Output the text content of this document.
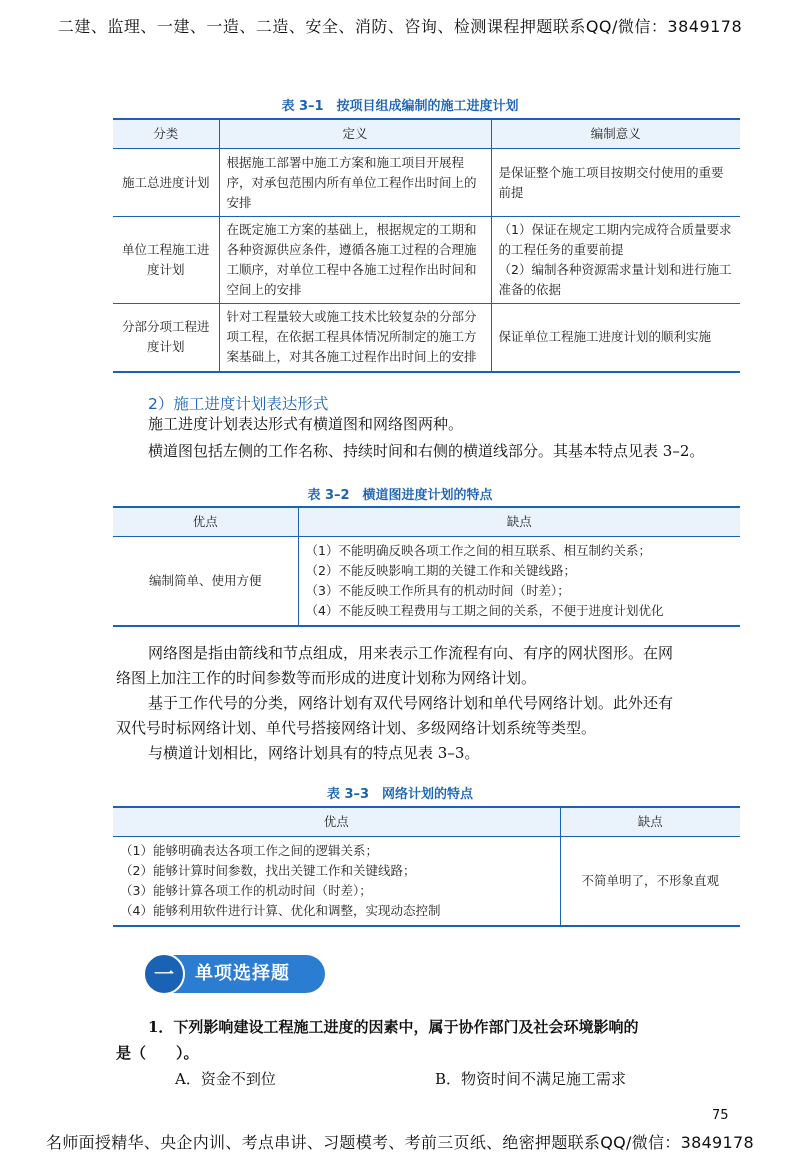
二建、监理、一建、一造、二造、安全、消防、咨询、检测课程押题联系QQ/微信：3849178
名师面授精华、央企内训、考点串讲、习题模考、考前三页纸、绝密押题联系QQ/微信：3849178
表 3–1　按项目组成编制的施工进度计划
分类	定义	编制意义
施工总进度计划	根据施工部署中施工方案和施工项目开展程序，对承包范围内所有单位工程作出时间上的安排	是保证整个施工项目按期交付使用的重要前提
单位工程施工进度计划	在既定施工方案的基础上，根据规定的工期和各种资源供应条件，遵循各施工过程的合理施工顺序，对单位工程中各施工过程作出时间和空间上的安排	（1）保证在规定工期内完成符合质量要求的工程任务的重要前提
（2）编制各种资源需求量计划和进行施工准备的依据
分部分项工程进度计划	针对工程量较大或施工技术比较复杂的分部分项工程，在依据工程具体情况所制定的施工方案基础上，对其各施工过程作出时间上的安排	保证单位工程施工进度计划的顺利实施
2）施工进度计划表达形式
施工进度计划表达形式有横道图和网络图两种。
横道图包括左侧的工作名称、持续时间和右侧的横道线部分。其基本特点见表 3–2。
表 3–2　横道图进度计划的特点
优点	缺点
编制简单、使用方便	（1）不能明确反映各项工作之间的相互联系、相互制约关系；
（2）不能反映影响工期的关键工作和关键线路；
（3）不能反映工作所具有的机动时间（时差）；
（4）不能反映工程费用与工期之间的关系，不便于进度计划优化
网络图是指由箭线和节点组成，用来表示工作流程有向、有序的网状图形。在网
络图上加注工作的时间参数等而形成的进度计划称为网络计划。
基于工作代号的分类，网络计划有双代号网络计划和单代号网络计划。此外还有
双代号时标网络计划、单代号搭接网络计划、多级网络计划系统等类型。
与横道计划相比，网络计划具有的特点见表 3–3。
表 3–3　网络计划的特点
优点	缺点

（1）能够明确表达各项工作之间的逻辑关系；
（2）能够计算时间参数，找出关键工作和关键线路；
（3）能够计算各项工作的机动时间（时差）；
（4）能够利用软件进行计算、优化和调整，实现动态控制	不简单明了，不形象直观
一	单项选择题
1．下列影响建设工程施工进度的因素中，属于协作部门及社会环境影响的
是（　　）。
A．资金不到位	B．物资时间不满足施工需求
75
